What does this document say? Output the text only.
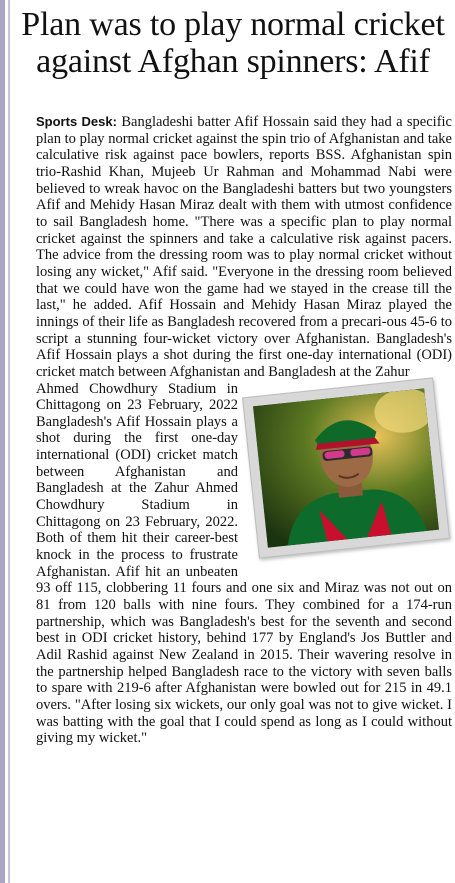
Plan was to play normal cricket against Afghan spinners: Afif

Sports Desk: Bangladeshi batter Afif Hossain said they had a specific plan to play normal cricket against the spin trio of Afghanistan and take calculative risk against pace bowlers, reports BSS. Afghanistan spin trio-Rashid Khan, Mujeeb Ur Rahman and Mohammad Nabi were believed to wreak havoc on the Bangladeshi batters but two youngsters Afif and Mehidy Hasan Miraz dealt with them with utmost confidence to sail Bangladesh home. "There was a specific plan to play normal cricket against the spinners and take a calculative risk against pacers. The advice from the dressing room was to play normal cricket without losing any wicket," Afif said. "Everyone in the dressing room believed that we could have won the game had we stayed in the crease till the last," he added. Afif Hossain and Mehidy Hasan Miraz played the innings of their life as Bangladesh recovered from a precari-ous 45-6 to script a stunning four-wicket victory over Afghanistan. Bangladesh's Afif Hossain plays a shot during the first one-day international (ODI) cricket match between Afghanistan and Bangladesh at the Zahur

Ahmed Chowdhury Stadium in Chittagong on 23 February, 2022 Bangladesh's Afif Hossain plays a shot during the first one-day international (ODI) cricket match between Afghanistan and Bangladesh at the Zahur Ahmed Chowdhury Stadium in Chittagong on 23 February, 2022. Both of them hit their career-best knock in the process to frustrate Afghanistan. Afif hit an unbeaten 93 off 115, clobbering 11 fours and one six and Miraz was not out on 81 from 120 balls with nine fours. They combined for a 174-run partnership, which was Bangladesh's best for the seventh and second best in ODI cricket history, behind 177 by England's Jos Buttler and Adil Rashid against New Zealand in 2015. Their wavering resolve in the partnership helped Bangladesh race to the victory with seven balls to spare with 219-6 after Afghanistan were bowled out for 215 in 49.1 overs. "After losing six wickets, our only goal was not to give wicket. I was batting with the goal that I could spend as long as I could without giving my wicket."
